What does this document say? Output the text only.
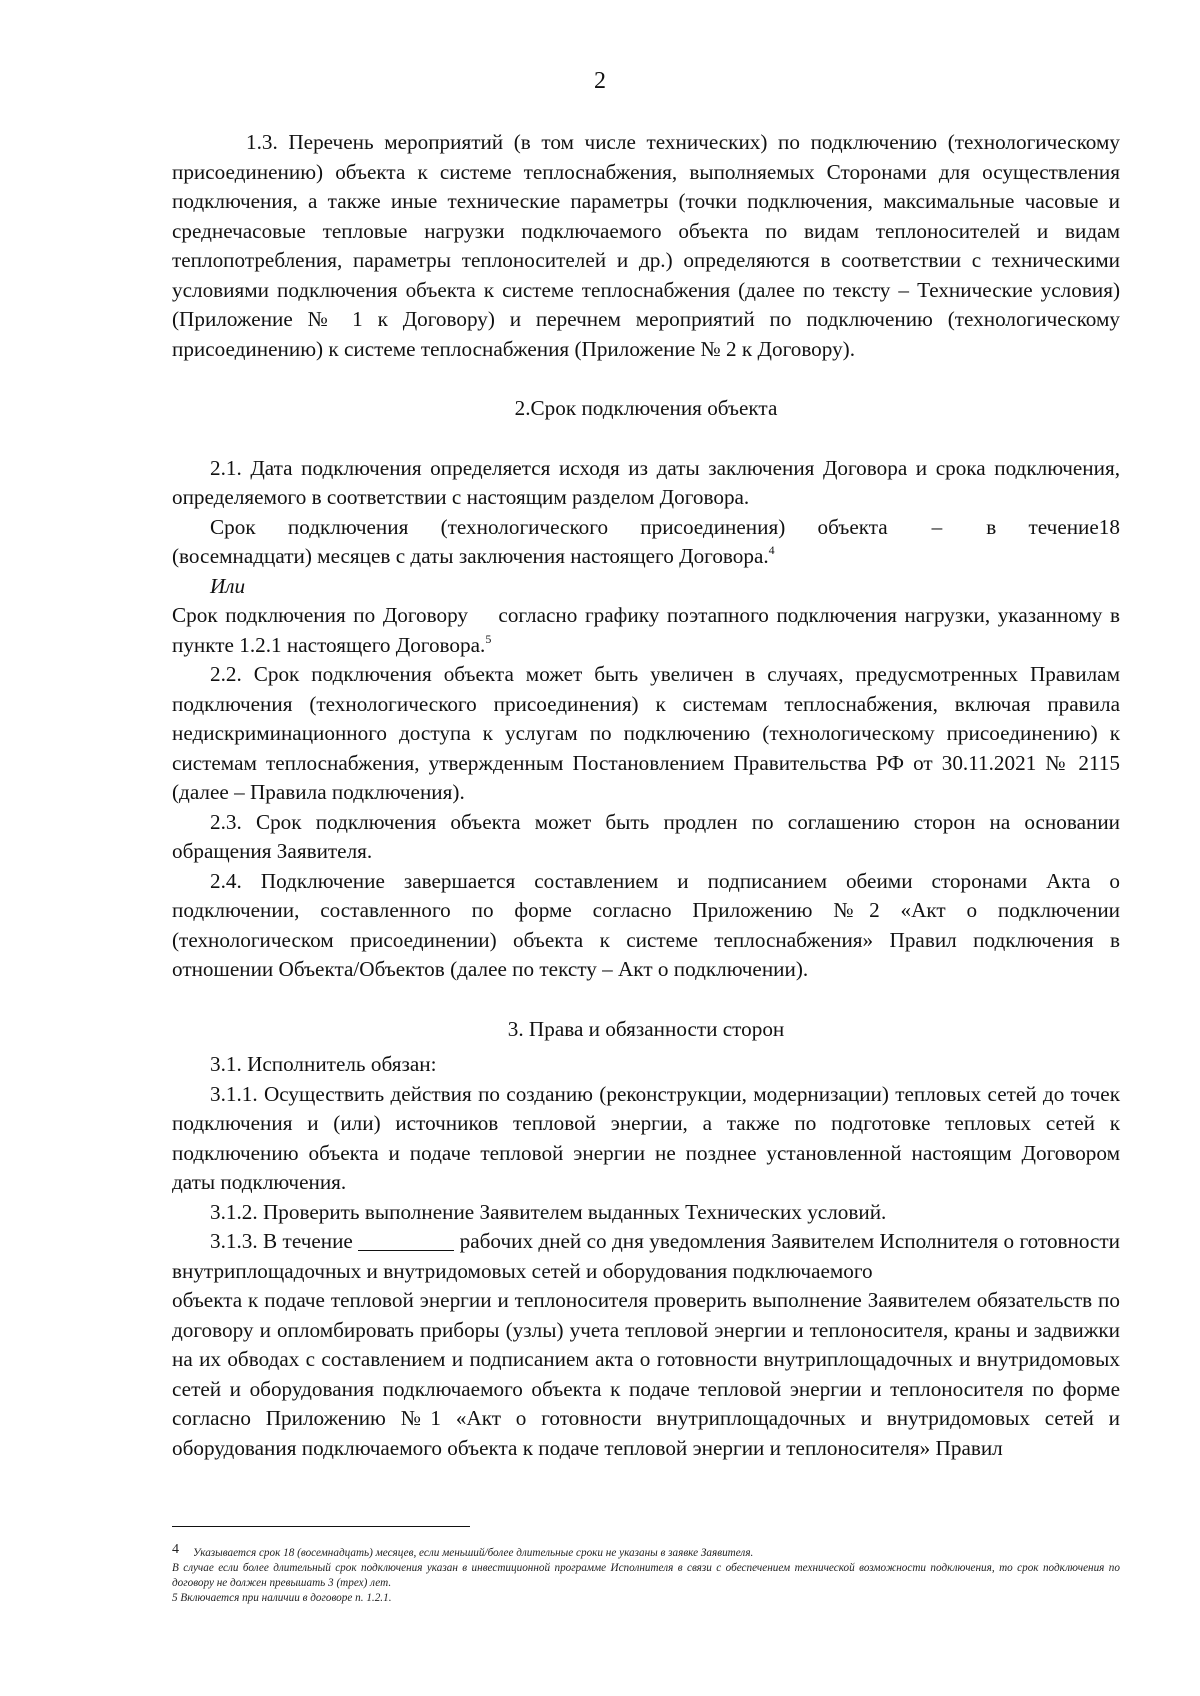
2

1.3. Перечень мероприятий (в том числе технических) по подключению (технологическому присоединению) объекта к системе теплоснабжения, выполняемых Сторонами для осуществления подключения, а также иные технические параметры (точки подключения, максимальные часовые и среднечасовые тепловые нагрузки подключаемого объекта по видам теплоносителей и видам теплопотребления, параметры теплоносителей и др.) определяются в соответствии с техническими условиями подключения объекта к системе теплоснабжения (далее по тексту – Технические условия) (Приложение № 1 к Договору) и перечнем мероприятий по подключению (технологическому присоединению) к системе теплоснабжения (Приложение № 2 к Договору).

2.Срок подключения объекта

2.1. Дата подключения определяется исходя из даты заключения Договора и срока подключения, определяемого в соответствии с настоящим разделом Договора.

Срок подключения (технологического присоединения) объекта – в течение18 (восемнадцати) месяцев с даты заключения настоящего Договора.$^4$

Или

Срок подключения по Договору согласно графику поэтапного подключения нагрузки, указанному в пункте 1.2.1 настоящего Договора.$^5$

2.2. Срок подключения объекта может быть увеличен в случаях, предусмотренных Правилам подключения (технологического присоединения) к системам теплоснабжения, включая правила недискриминационного доступа к услугам по подключению (технологическому присоединению) к системам теплоснабжения, утвержденным Постановлением Правительства РФ от 30.11.2021 № 2115 (далее – Правила подключения).

2.3. Срок подключения объекта может быть продлен по соглашению сторон на основании обращения Заявителя.

2.4. Подключение завершается составлением и подписанием обеими сторонами Акта о подключении, составленного по форме согласно Приложению №2 «Акт о подключении (технологическом присоединении) объекта к системе теплоснабжения» Правил подключения в отношении Объекта/Объектов (далее по тексту – Акт о подключении).

3. Права и обязанности сторон

3.1. Исполнитель обязан:

3.1.1. Осуществить действия по созданию (реконструкции, модернизации) тепловых сетей до точек подключения и (или) источников тепловой энергии, а также по подготовке тепловых сетей к подключению объекта и подаче тепловой энергии не позднее установленной настоящим Договором даты подключения.

3.1.2. Проверить выполнение Заявителем выданных Технических условий.

3.1.3. В течение	рабочих дней со дня уведомления Заявителем Исполнителя о готовности внутриплощадочных и внутридомовых сетей и оборудования подключаемого

объекта к подаче тепловой энергии и теплоносителя проверить выполнение Заявителем обязательств по договору и опломбировать приборы (узлы) учета тепловой энергии и теплоносителя, краны и задвижки на их обводах с составлением и подписанием акта о готовности внутриплощадочных и внутридомовых сетей и оборудования подключаемого объекта к подаче тепловой энергии и теплоносителя по форме согласно Приложению №1 «Акт о готовности внутриплощадочных и внутридомовых сетей и оборудования подключаемого объекта к подаче тепловой энергии и теплоносителя» Правил

4 Указывается срок 18 (восемнадцать) месяцев, если меньший/более длительные сроки не указаны в заявке Заявителя.

В случае если более длительный срок подключения указан в инвестиционной программе Исполнителя в связи с обеспечением технической возможности подключения, то срок подключения по договору не должен превышать 3 (трех) лет.

5 Включается при наличии в договоре п. 1.2.1.
